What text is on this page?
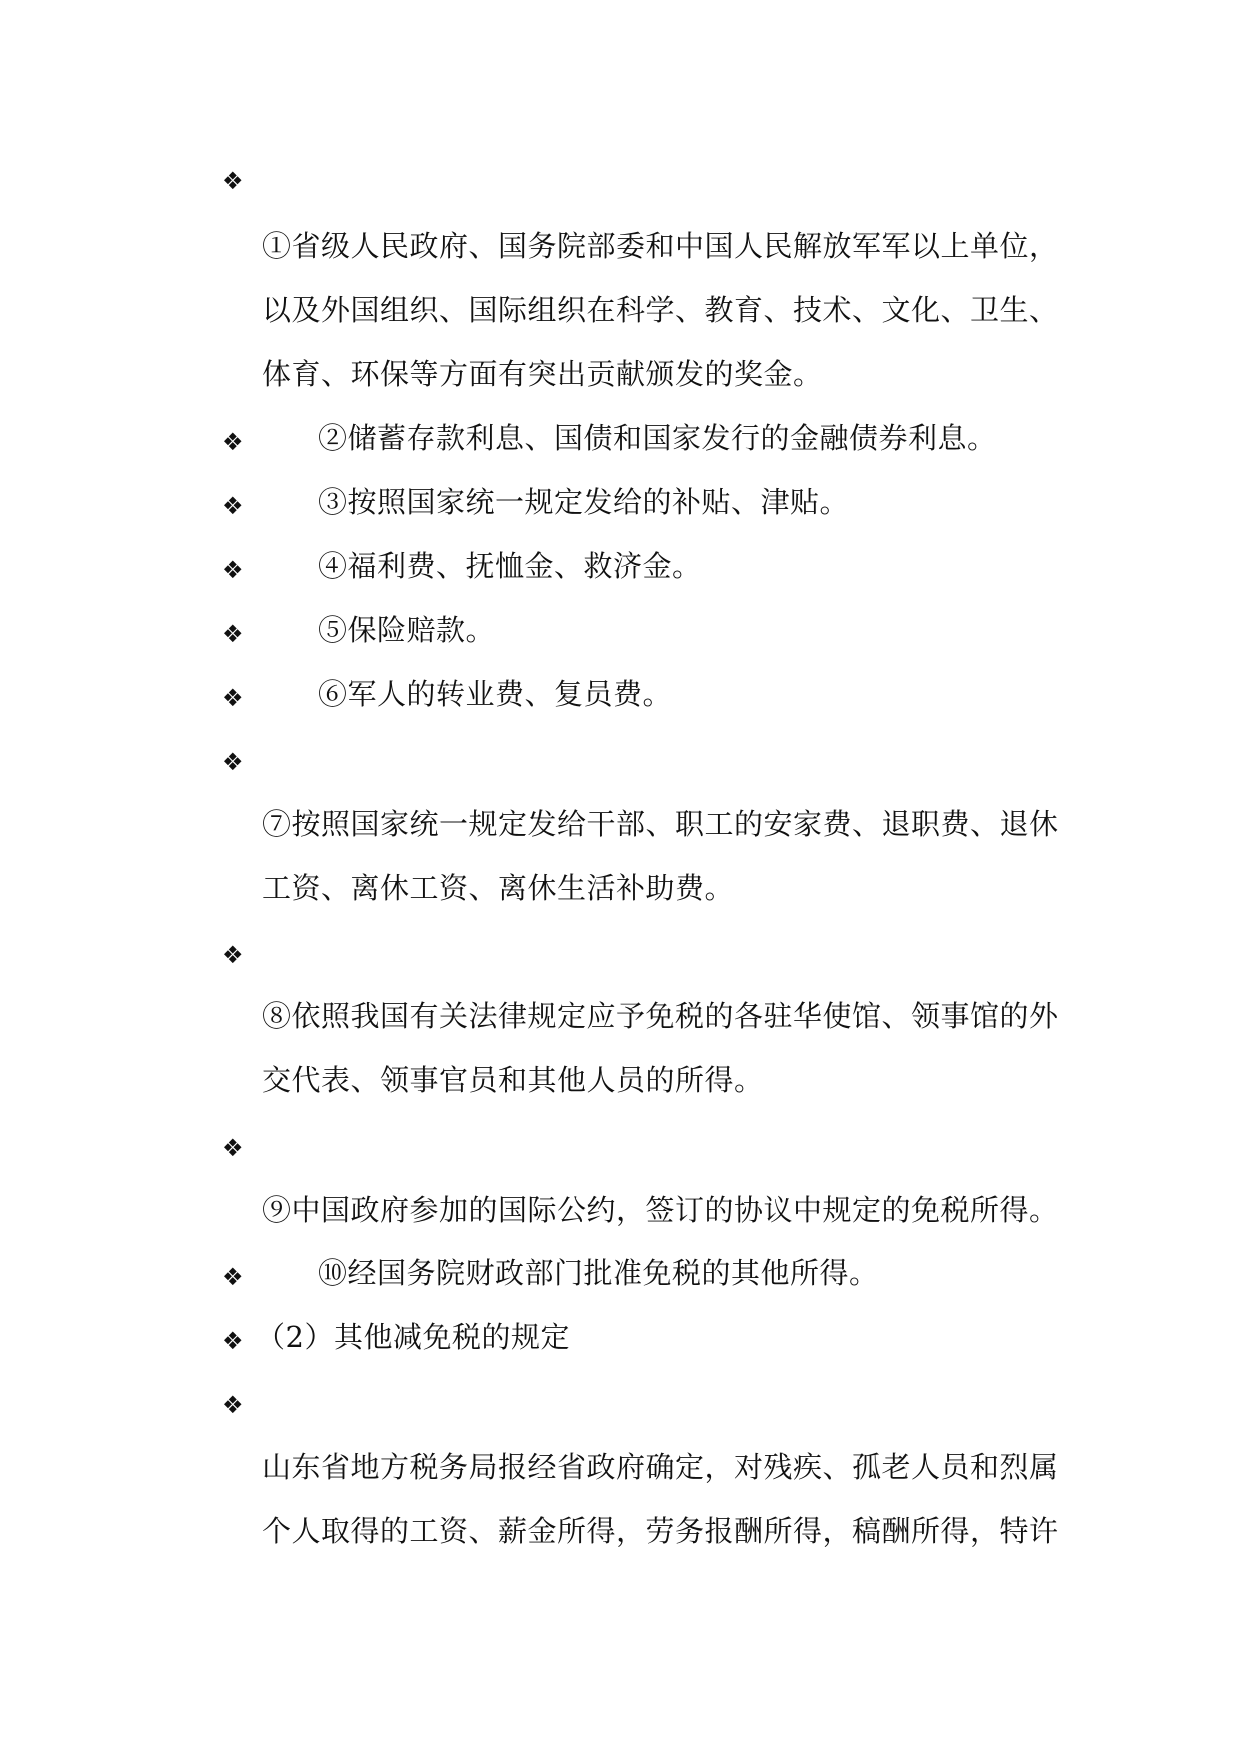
❖
①省级人民政府、国务院部委和中国人民解放军军以上单位，
以及外国组织、国际组织在科学、教育、技术、文化、卫生、
体育、环保等方面有突出贡献颁发的奖金。
❖	②储蓄存款利息、国债和国家发行的金融债券利息。
❖	③按照国家统一规定发给的补贴、津贴。
❖	④福利费、抚恤金、救济金。
❖	⑤保险赔款。
❖	⑥军人的转业费、复员费。
❖
⑦按照国家统一规定发给干部、职工的安家费、退职费、退休
工资、离休工资、离休生活补助费。
❖
⑧依照我国有关法律规定应予免税的各驻华使馆、领事馆的外
交代表、领事官员和其他人员的所得。
❖
⑨中国政府参加的国际公约，签订的协议中规定的免税所得。
❖	⑩经国务院财政部门批准免税的其他所得。
❖ （2）其他减免税的规定
❖
山东省地方税务局报经省政府确定，对残疾、孤老人员和烈属
个人取得的工资、薪金所得，劳务报酬所得，稿酬所得，特许
